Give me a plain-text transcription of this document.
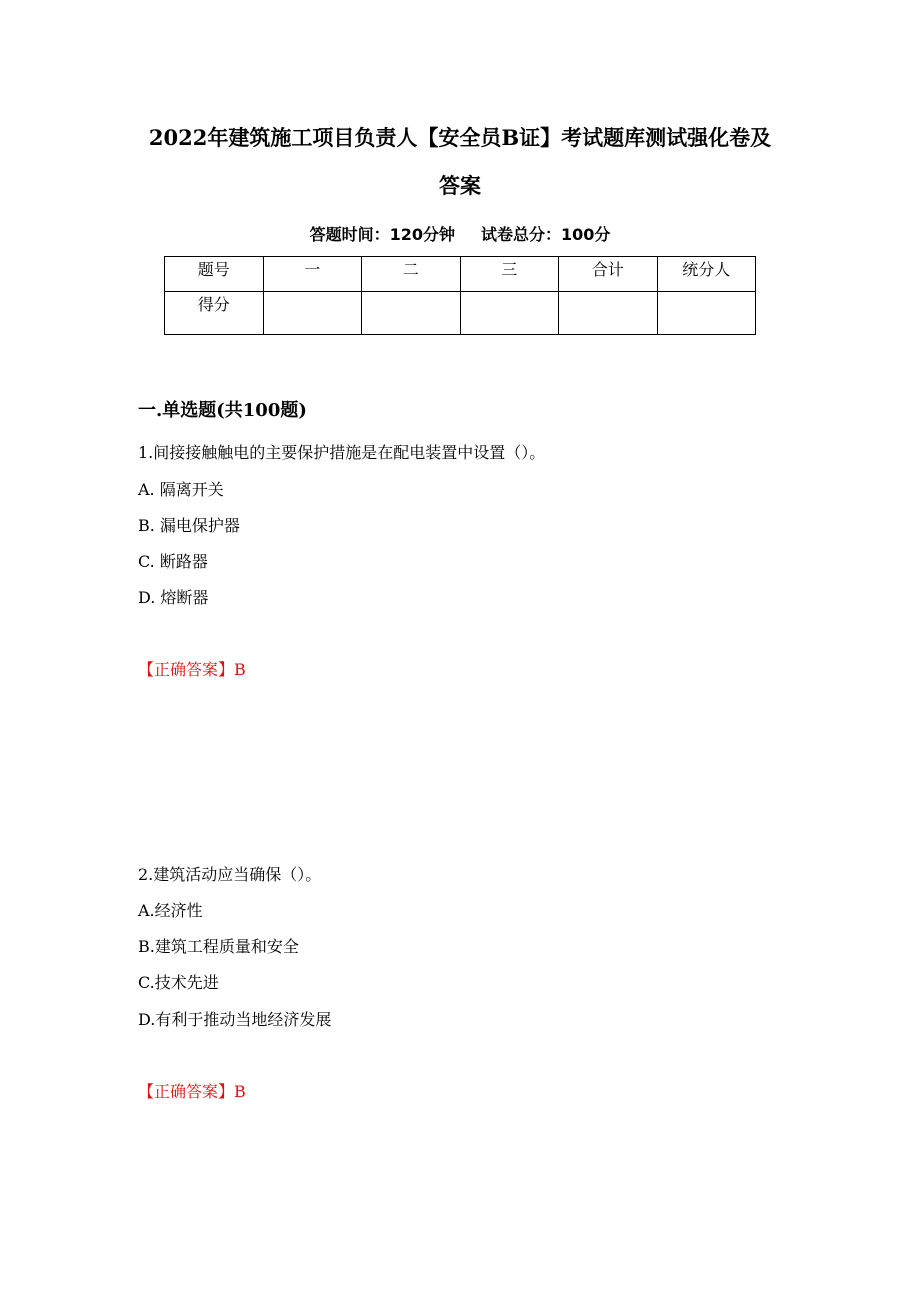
2022年建筑施工项目负责人【安全员B证】考试题库测试强化卷及
答案
答题时间：120分钟 试卷总分：100分
题号	一	二	三	合计	统分人
得分					
一.单选题(共100题)
1.间接接触触电的主要保护措施是在配电装置中设置（）。
A. 隔离开关
B. 漏电保护器
C. 断路器
D. 熔断器
【正确答案】B
2.建筑活动应当确保（）。
A.经济性
B.建筑工程质量和安全
C.技术先进
D.有利于推动当地经济发展
【正确答案】B
